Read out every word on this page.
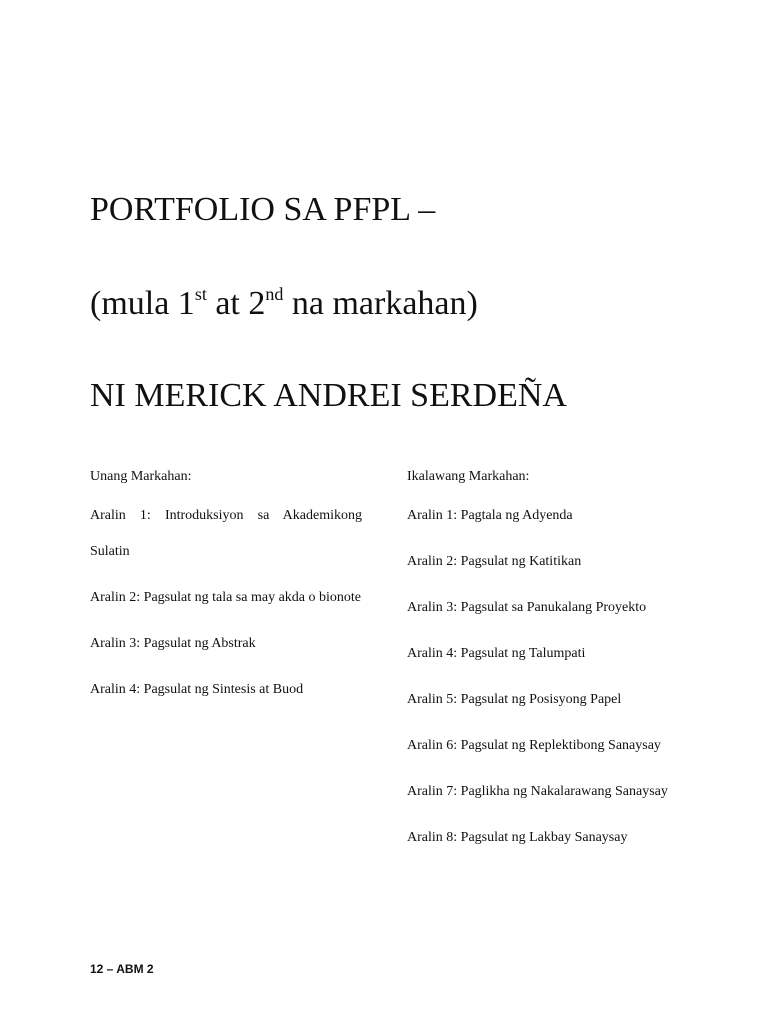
PORTFOLIO SA PFPL –
(mula 1st at 2nd na markahan)
NI MERICK ANDREI SERDEÑA

Unang Markahan:

Aralin 1: Introduksiyon sa Akademikong Sulatin

Aralin 2: Pagsulat ng tala sa may akda o bionote

Aralin 3: Pagsulat ng Abstrak

Aralin 4: Pagsulat ng Sintesis at Buod

Ikalawang Markahan:

Aralin 1: Pagtala ng Adyenda

Aralin 2: Pagsulat ng Katitikan

Aralin 3: Pagsulat sa Panukalang Proyekto

Aralin 4: Pagsulat ng Talumpati

Aralin 5: Pagsulat ng Posisyong Papel

Aralin 6: Pagsulat ng Replektibong Sanaysay

Aralin 7: Paglikha ng Nakalarawang Sanaysay

Aralin 8: Pagsulat ng Lakbay Sanaysay

12 – ABM 2
